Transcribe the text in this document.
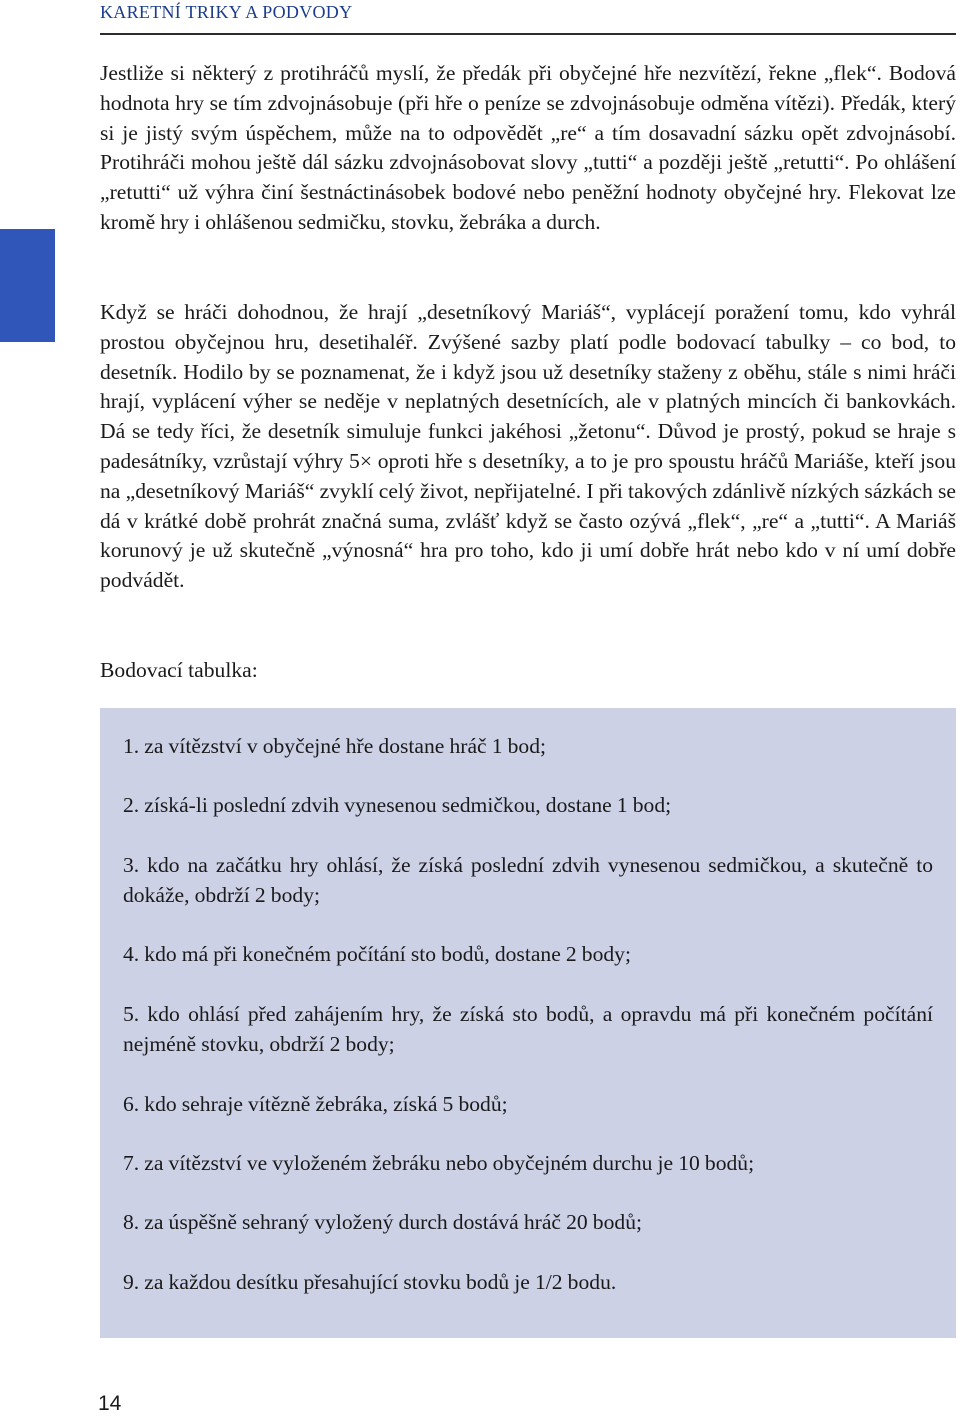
KARETNÍ TRIKY A PODVODY

Jestliže si některý z protihráčů myslí, že předák při obyčejné hře nezvítězí, řekne „flek“. Bodová hodnota hry se tím zdvojnásobuje (při hře o peníze se zdvojnásobuje odměna vítězi). Předák, který si je jistý svým úspěchem, může na to odpovědět „re“ a tím dosavadní sázku opět zdvojnásobí. Protihráči mohou ještě dál sázku zdvojnásobovat slovy „tutti“ a později ještě „retutti“. Po ohlášení „retutti“ už výhra činí šestnáctinásobek bodové nebo peněžní hodnoty obyčejné hry. Flekovat lze kromě hry i ohlášenou sedmičku, stovku, žebráka a durch.

Když se hráči dohodnou, že hrají „desetníkový Mariáš“, vyplácejí poražení tomu, kdo vyhrál prostou obyčejnou hru, desetihaléř. Zvýšené sazby platí podle bodovací tabulky – co bod, to desetník. Hodilo by se poznamenat, že i když jsou už desetníky staženy z oběhu, stále s nimi hráči hrají, vyplácení výher se neděje v neplatných desetnících, ale v platných mincích či bankovkách. Dá se tedy říci, že desetník simuluje funkci jakéhosi „žetonu“. Důvod je prostý, pokud se hraje s padesátníky, vzrůstají výhry 5× oproti hře s desetníky, a to je pro spoustu hráčů Mariáše, kteří jsou na „desetníkový Mariáš“ zvyklí celý život, nepřijatelné. I při takových zdánlivě nízkých sázkách se dá v krátké době prohrát značná suma, zvlášť když se často ozývá „flek“, „re“ a „tutti“. A Mariáš korunový je už skutečně „výnosná“ hra pro toho, kdo ji umí dobře hrát nebo kdo v ní umí dobře podvádět.

Bodovací tabulka:

1. za vítězství v obyčejné hře dostane hráč 1 bod;
2. získá-li poslední zdvih vynesenou sedmičkou, dostane 1 bod;
3. kdo na začátku hry ohlásí, že získá poslední zdvih vynesenou sedmičkou, a skutečně to dokáže, obdrží 2 body;
4. kdo má při konečném počítání sto bodů, dostane 2 body;
5. kdo ohlásí před zahájením hry, že získá sto bodů, a opravdu má při konečném počítání nejméně stovku, obdrží 2 body;
6. kdo sehraje vítězně žebráka, získá 5 bodů;
7. za vítězství ve vyloženém žebráku nebo obyčejném durchu je 10 bodů;
8. za úspěšně sehraný vyložený durch dostává hráč 20 bodů;
9. za každou desítku přesahující stovku bodů je 1/2 bodu.
14
